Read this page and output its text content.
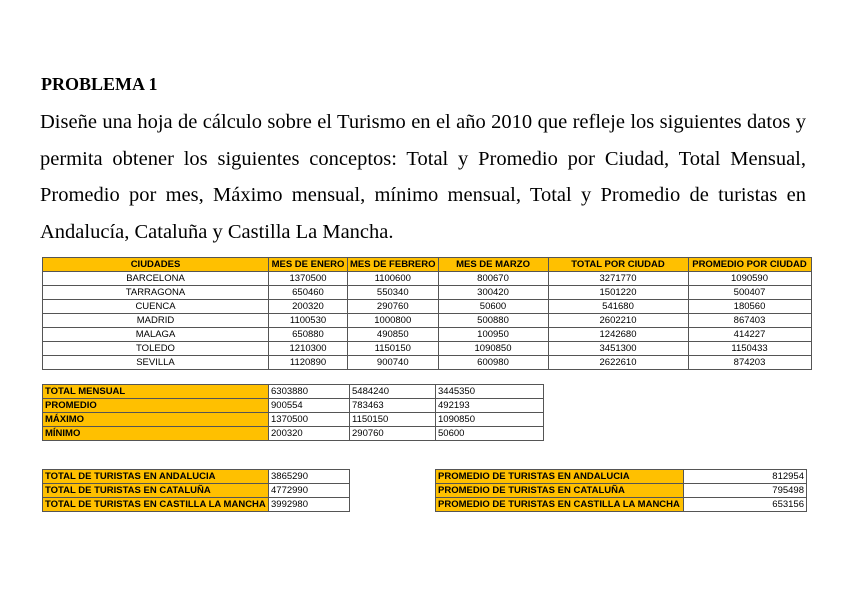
PROBLEMA 1
Diseñe una hoja de cálculo sobre el Turismo en el año 2010 que refleje los siguientes datos y permita obtener los siguientes conceptos: Total y Promedio por Ciudad, Total Mensual, Promedio por mes, Máximo mensual, mínimo mensual, Total y Promedio de turistas en Andalucía, Cataluña y Castilla La Mancha.
CIUDADES	MES DE ENERO	MES DE FEBRERO	MES DE MARZO	TOTAL POR CIUDAD	PROMEDIO POR CIUDAD
BARCELONA	1370500	1100600	800670	3271770	1090590
TARRAGONA	650460	550340	300420	1501220	500407
CUENCA	200320	290760	50600	541680	180560
MADRID	1100530	1000800	500880	2602210	867403
MALAGA	650880	490850	100950	1242680	414227
TOLEDO	1210300	1150150	1090850	3451300	1150433
SEVILLA	1120890	900740	600980	2622610	874203
TOTAL MENSUAL	6303880	5484240	3445350
PROMEDIO	900554	783463	492193
MÁXIMO	1370500	1150150	1090850
MÍNIMO	200320	290760	50600
TOTAL DE TURISTAS EN ANDALUCIA	3865290
TOTAL DE TURISTAS EN CATALUÑA	4772990
TOTAL DE TURISTAS EN CASTILLA LA MANCHA	3992980
PROMEDIO DE TURISTAS EN ANDALUCIA	812954
PROMEDIO DE TURISTAS EN CATALUÑA	795498
PROMEDIO DE TURISTAS EN CASTILLA LA MANCHA	653156
